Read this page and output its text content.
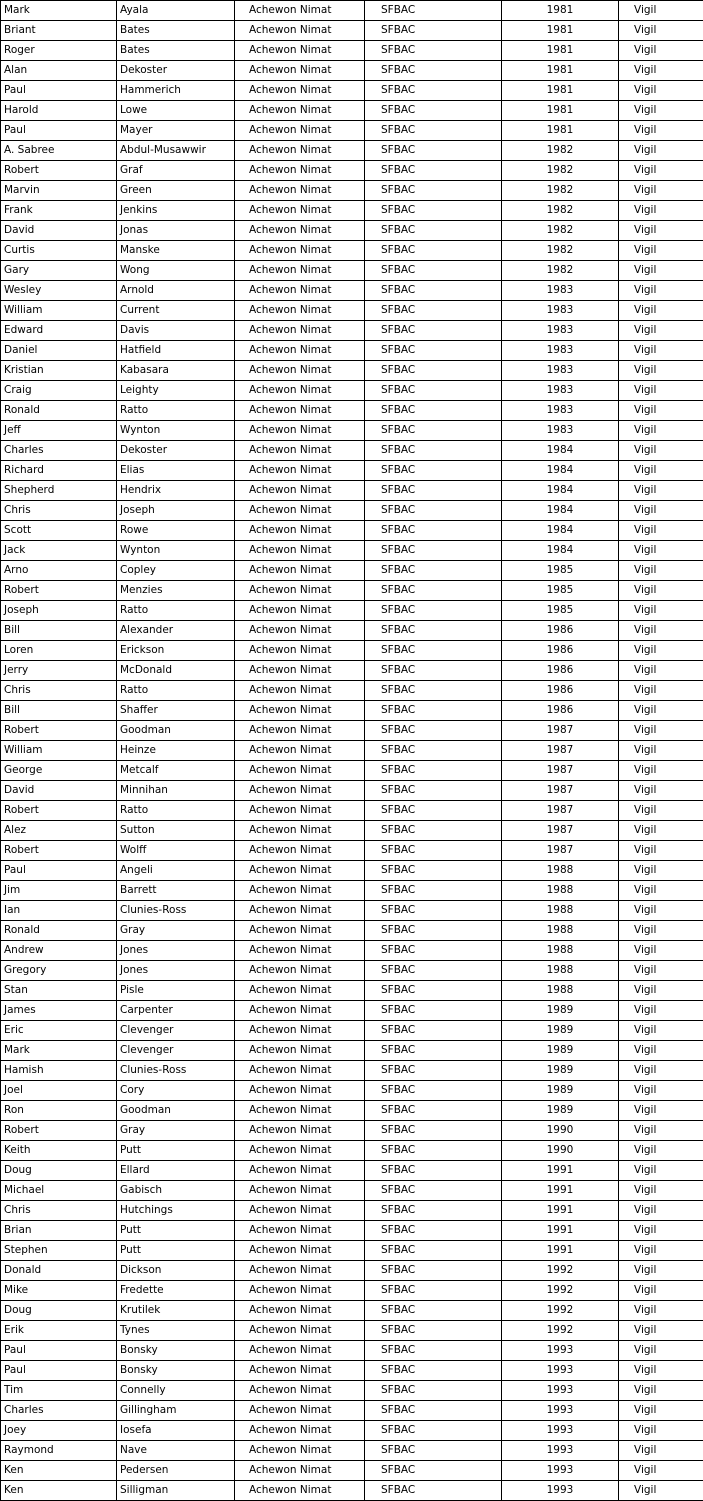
Mark	Ayala	Achewon Nimat	SFBAC	1981	Vigil
Briant	Bates	Achewon Nimat	SFBAC	1981	Vigil
Roger	Bates	Achewon Nimat	SFBAC	1981	Vigil
Alan	Dekoster	Achewon Nimat	SFBAC	1981	Vigil
Paul	Hammerich	Achewon Nimat	SFBAC	1981	Vigil
Harold	Lowe	Achewon Nimat	SFBAC	1981	Vigil
Paul	Mayer	Achewon Nimat	SFBAC	1981	Vigil
A. Sabree	Abdul-Musawwir	Achewon Nimat	SFBAC	1982	Vigil
Robert	Graf	Achewon Nimat	SFBAC	1982	Vigil
Marvin	Green	Achewon Nimat	SFBAC	1982	Vigil
Frank	Jenkins	Achewon Nimat	SFBAC	1982	Vigil
David	Jonas	Achewon Nimat	SFBAC	1982	Vigil
Curtis	Manske	Achewon Nimat	SFBAC	1982	Vigil
Gary	Wong	Achewon Nimat	SFBAC	1982	Vigil
Wesley	Arnold	Achewon Nimat	SFBAC	1983	Vigil
William	Current	Achewon Nimat	SFBAC	1983	Vigil
Edward	Davis	Achewon Nimat	SFBAC	1983	Vigil
Daniel	Hatfield	Achewon Nimat	SFBAC	1983	Vigil
Kristian	Kabasara	Achewon Nimat	SFBAC	1983	Vigil
Craig	Leighty	Achewon Nimat	SFBAC	1983	Vigil
Ronald	Ratto	Achewon Nimat	SFBAC	1983	Vigil
Jeff	Wynton	Achewon Nimat	SFBAC	1983	Vigil
Charles	Dekoster	Achewon Nimat	SFBAC	1984	Vigil
Richard	Elias	Achewon Nimat	SFBAC	1984	Vigil
Shepherd	Hendrix	Achewon Nimat	SFBAC	1984	Vigil
Chris	Joseph	Achewon Nimat	SFBAC	1984	Vigil
Scott	Rowe	Achewon Nimat	SFBAC	1984	Vigil
Jack	Wynton	Achewon Nimat	SFBAC	1984	Vigil
Arno	Copley	Achewon Nimat	SFBAC	1985	Vigil
Robert	Menzies	Achewon Nimat	SFBAC	1985	Vigil
Joseph	Ratto	Achewon Nimat	SFBAC	1985	Vigil
Bill	Alexander	Achewon Nimat	SFBAC	1986	Vigil
Loren	Erickson	Achewon Nimat	SFBAC	1986	Vigil
Jerry	McDonald	Achewon Nimat	SFBAC	1986	Vigil
Chris	Ratto	Achewon Nimat	SFBAC	1986	Vigil
Bill	Shaffer	Achewon Nimat	SFBAC	1986	Vigil
Robert	Goodman	Achewon Nimat	SFBAC	1987	Vigil
William	Heinze	Achewon Nimat	SFBAC	1987	Vigil
George	Metcalf	Achewon Nimat	SFBAC	1987	Vigil
David	Minnihan	Achewon Nimat	SFBAC	1987	Vigil
Robert	Ratto	Achewon Nimat	SFBAC	1987	Vigil
Alez	Sutton	Achewon Nimat	SFBAC	1987	Vigil
Robert	Wolff	Achewon Nimat	SFBAC	1987	Vigil
Paul	Angeli	Achewon Nimat	SFBAC	1988	Vigil
Jim	Barrett	Achewon Nimat	SFBAC	1988	Vigil
Ian	Clunies-Ross	Achewon Nimat	SFBAC	1988	Vigil
Ronald	Gray	Achewon Nimat	SFBAC	1988	Vigil
Andrew	Jones	Achewon Nimat	SFBAC	1988	Vigil
Gregory	Jones	Achewon Nimat	SFBAC	1988	Vigil
Stan	Pisle	Achewon Nimat	SFBAC	1988	Vigil
James	Carpenter	Achewon Nimat	SFBAC	1989	Vigil
Eric	Clevenger	Achewon Nimat	SFBAC	1989	Vigil
Mark	Clevenger	Achewon Nimat	SFBAC	1989	Vigil
Hamish	Clunies-Ross	Achewon Nimat	SFBAC	1989	Vigil
Joel	Cory	Achewon Nimat	SFBAC	1989	Vigil
Ron	Goodman	Achewon Nimat	SFBAC	1989	Vigil
Robert	Gray	Achewon Nimat	SFBAC	1990	Vigil
Keith	Putt	Achewon Nimat	SFBAC	1990	Vigil
Doug	Ellard	Achewon Nimat	SFBAC	1991	Vigil
Michael	Gabisch	Achewon Nimat	SFBAC	1991	Vigil
Chris	Hutchings	Achewon Nimat	SFBAC	1991	Vigil
Brian	Putt	Achewon Nimat	SFBAC	1991	Vigil
Stephen	Putt	Achewon Nimat	SFBAC	1991	Vigil
Donald	Dickson	Achewon Nimat	SFBAC	1992	Vigil
Mike	Fredette	Achewon Nimat	SFBAC	1992	Vigil
Doug	Krutilek	Achewon Nimat	SFBAC	1992	Vigil
Erik	Tynes	Achewon Nimat	SFBAC	1992	Vigil
Paul	Bonsky	Achewon Nimat	SFBAC	1993	Vigil
Paul	Bonsky	Achewon Nimat	SFBAC	1993	Vigil
Tim	Connelly	Achewon Nimat	SFBAC	1993	Vigil
Charles	Gillingham	Achewon Nimat	SFBAC	1993	Vigil
Joey	Iosefa	Achewon Nimat	SFBAC	1993	Vigil
Raymond	Nave	Achewon Nimat	SFBAC	1993	Vigil
Ken	Pedersen	Achewon Nimat	SFBAC	1993	Vigil
Ken	Silligman	Achewon Nimat	SFBAC	1993	Vigil
